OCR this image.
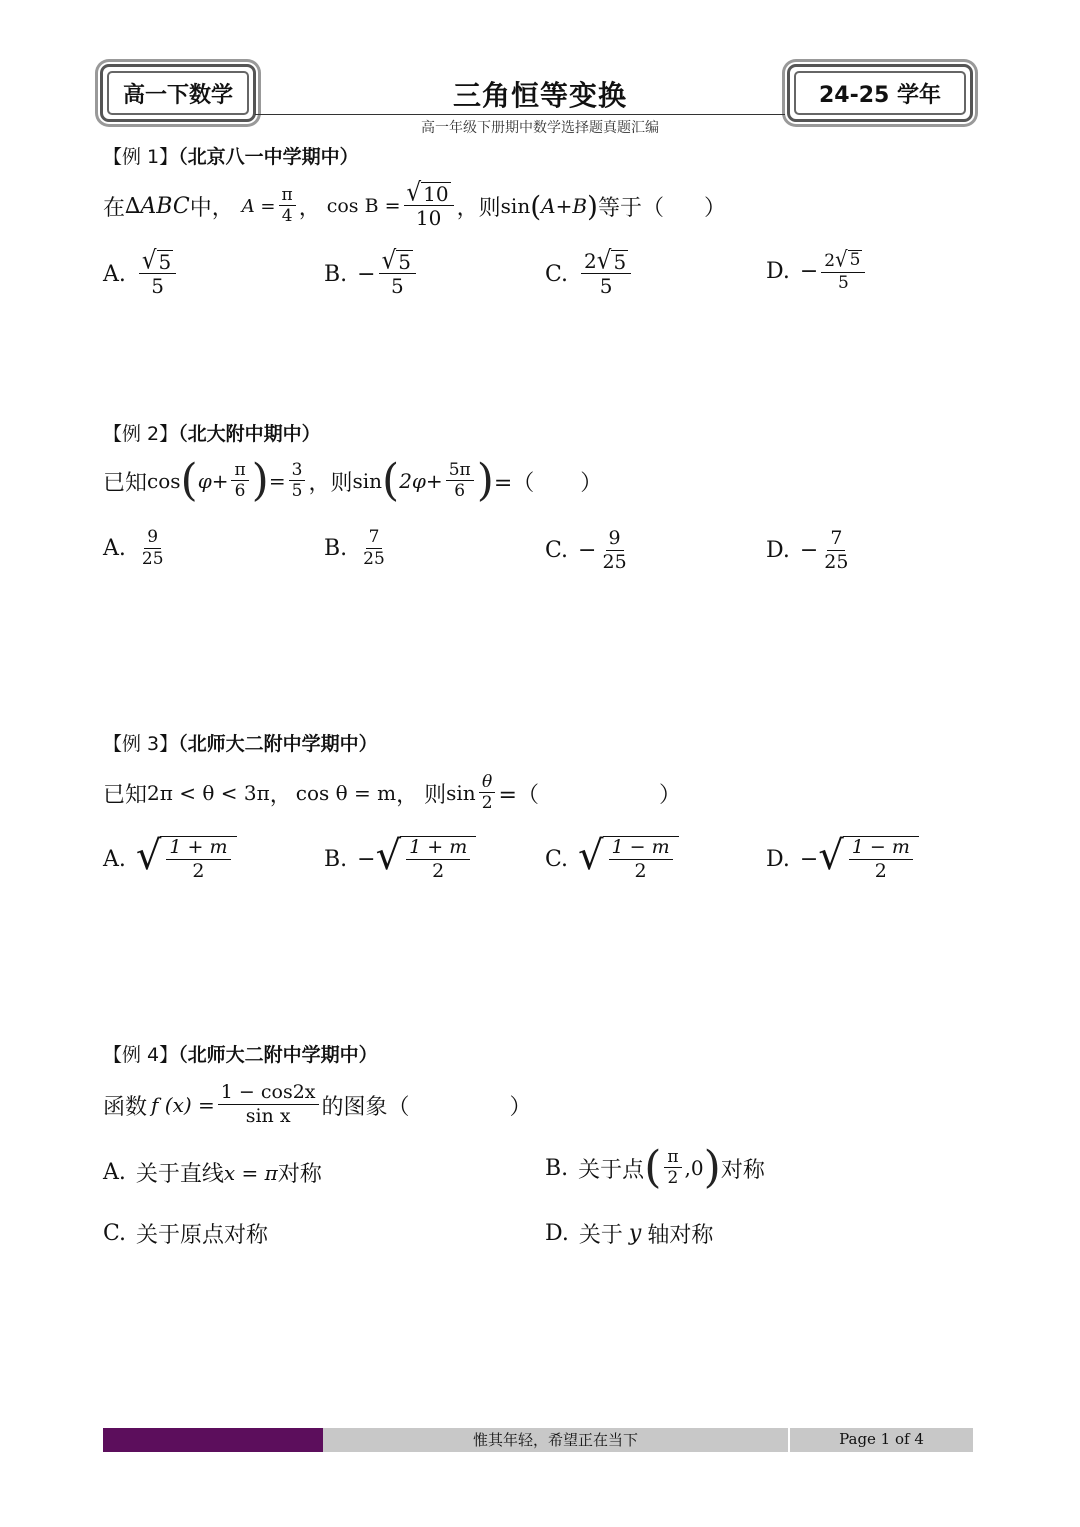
高一下数学	三角恒等变换	24-25 学年
高一年级下册期中数学选择题真题汇编
【例 1】（北京八一中学期中）
在 ∆ ABC 中， $A = \frac{\pi}{4}$ ， $\cos B = \frac{√ 10}{10}$ ， 则 sin ( A+B ) 等于（ ）
A. $\frac{√ 5}{5}$	B. − $\frac{√ 5}{5}$	C. $\frac{2 √ 5}{5}$	D. − $\frac{2 √ 5}{5}$
【例 2】（北大附中期中）
已知 cos ( $\varphi + \frac{\pi}{6}$ ) = $\frac{3}{5}$ ， 则 sin ( $2\varphi + \frac{5\pi}{6}$ ) =（ ）
A. $\frac{9}{25}$	B. $\frac{7}{25}$	C. − $\frac{9}{25}$	D. − $\frac{7}{25}$
【例 3】（北师大二附中学期中）
已知 2π < θ < 3π ， cos θ = m ， 则 $\sin \frac{\theta}{2}$ =（	）
A. √ $\frac{1 + m}{2}$	B. − √ $\frac{1 + m}{2}$	C. √ $\frac{1 - m}{2}$	D. − √ $\frac{1 - m}{2}$
【例 4】（北师大二附中学期中）
函数 f $(x) = \frac{1 - \cos 2x}{\text{sin x}}$ 的图象（	）
A. 关于直线 x = π 对称	B. 关于点 ( $\frac{\pi}{2} ,0$ ) 对称
C. 关于原点对称	D. 关于 y 轴对称
惟其年轻，希望正在当下	Page 1 of 4
